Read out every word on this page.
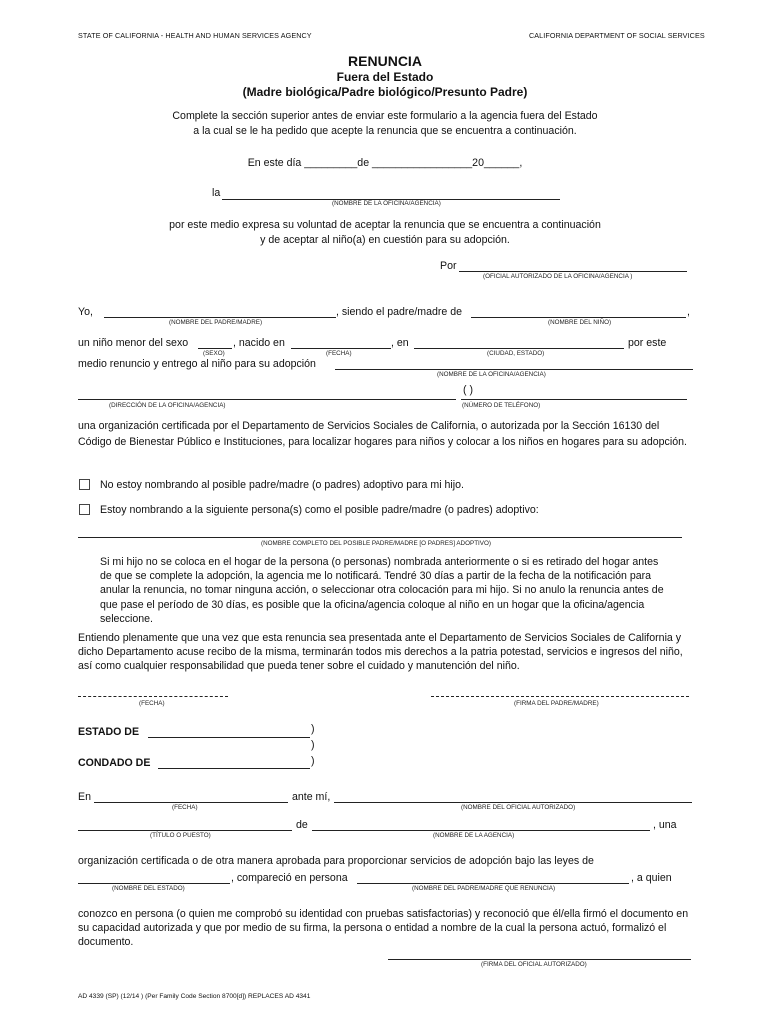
STATE OF CALIFORNIA - HEALTH AND HUMAN SERVICES AGENCY	CALIFORNIA DEPARTMENT OF SOCIAL SERVICES
RENUNCIA
Fuera del Estado
(Madre biológica/Padre biológico/Presunto Padre)
Complete la sección superior antes de enviar este formulario a la agencia fuera del Estado
a la cual se le ha pedido que acepte la renuncia que se encuentra a continuación.
En este día _________de _________________20______,
la
(NOMBRE DE LA OFICINA/AGENCIA)
por este medio expresa su voluntad de aceptar la renuncia que se encuentra a continuación
y de aceptar al niño(a) en cuestión para su adopción.
Por
(OFICIAL AUTORIZADO DE LA OFICINA/AGENCIA )
Yo,	, siendo el padre/madre de	,
(NOMBRE DEL PADRE/MADRE)	(NOMBRE DEL NIÑO)
un niño menor del sexo	, nacido en	, en	por este
(SEXO)	(FECHA)	(CIUDAD, ESTADO)
medio renuncio y entrego al niño para su adopción
(NOMBRE DE LA OFICINA/AGENCIA)
( )
(DIRECCIÓN DE LA OFICINA/AGENCIA)	(NÚMERO DE TELÉFONO)
una organización certificada por el Departamento de Servicios Sociales de California, o autorizada por la Sección 16130 del Código de Bienestar Público e Instituciones, para localizar hogares para niños y colocar a los niños en hogares para su adopción.
No estoy nombrando al posible padre/madre (o padres) adoptivo para mi hijo.
Estoy nombrando a la siguiente persona(s) como el posible padre/madre (o padres) adoptivo:
(NOMBRE COMPLETO DEL POSIBLE PADRE/MADRE [O PADRES] ADOPTIVO)
Si mi hijo no se coloca en el hogar de la persona (o personas) nombrada anteriormente o si es retirado del hogar antes de que se complete la adopción, la agencia me lo notificará. Tendré 30 días a partir de la fecha de la notificación para anular la renuncia, no tomar ninguna acción, o seleccionar otra colocación para mi hijo. Si no anulo la renuncia antes de que pase el período de 30 días, es posible que la oficina/agencia coloque al niño en un hogar que la oficina/agencia seleccione.
Entiendo plenamente que una vez que esta renuncia sea presentada ante el Departamento de Servicios Sociales de California y dicho Departamento acuse recibo de la misma, terminarán todos mis derechos a la patria potestad, servicios e ingresos del niño, así como cualquier responsabilidad que pueda tener sobre el cuidado y manutención del niño.
(FECHA)	(FIRMA DEL PADRE/MADRE)
ESTADO DE	)
)
CONDADO DE	)
En	ante mí,
(FECHA)	(NOMBRE DEL OFICIAL AUTORIZADO)
de	, una
(TÍTULO O PUESTO)	(NOMBRE DE LA AGENCIA)
organización certificada o de otra manera aprobada para proporcionar servicios de adopción bajo las leyes de
, compareció en persona	, a quien
(NOMBRE DEL ESTADO)	(NOMBRE DEL PADRE/MADRE QUE RENUNCIA)
conozco en persona (o quien me comprobó su identidad con pruebas satisfactorias) y reconoció que él/ella firmó el documento en su capacidad autorizada y que por medio de su firma, la persona o entidad a nombre de la cual la persona actuó, formalizó el documento.
(FIRMA DEL OFICIAL AUTORIZADO)
AD 4339 (SP) (12/14 ) (Per Family Code Section 8700[d]) REPLACES AD 4341
